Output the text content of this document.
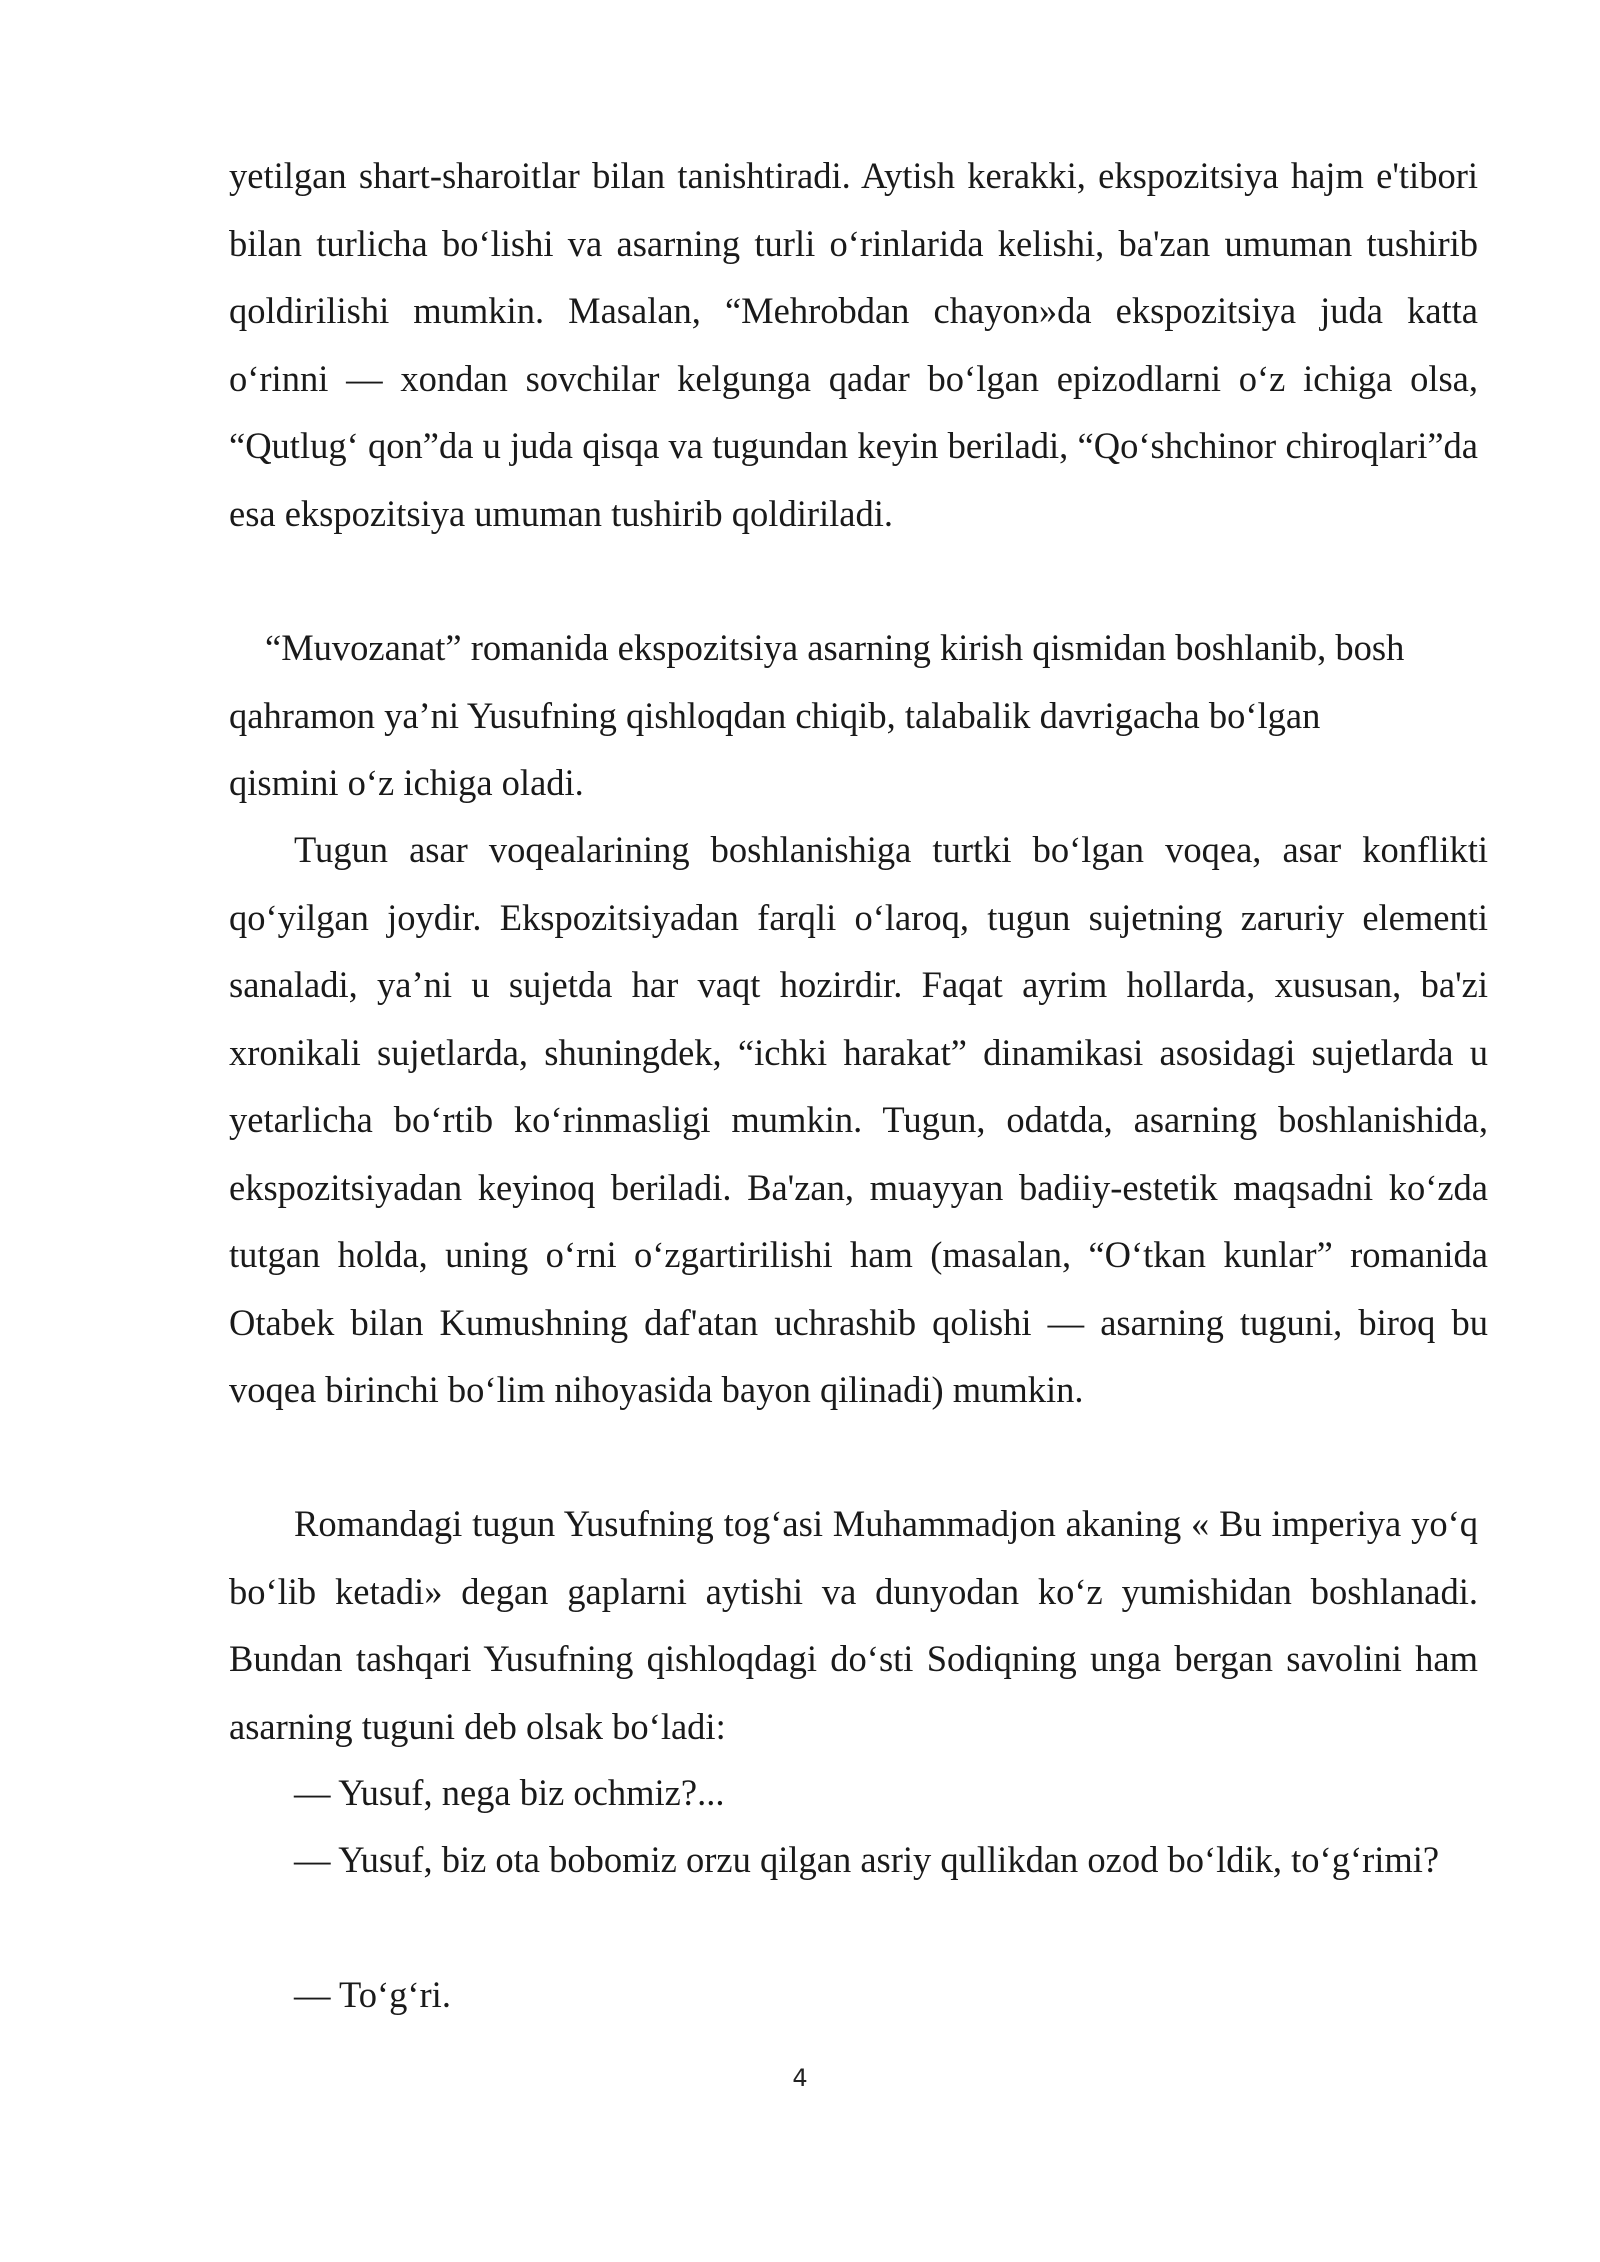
yetilgan shart-sharoitlar bilan tanishtiradi. Aytish kerakki, ekspozitsiya hajm e'tibori bilan turlicha bo‘lishi va asarning turli o‘rinlarida kelishi, ba'zan umuman tushirib qoldirilishi mumkin. Masalan, “Mehrobdan chayon»da ekspozitsiya juda katta o‘rinni — xondan sovchilar kelgunga qadar bo‘lgan epizodlarni o‘z ichiga olsa, “Qutlug‘ qon”da u juda qisqa va tugundan keyin beriladi, “Qo‘shchinor chiroqlari”da esa ekspozitsiya umuman tushirib qoldiriladi.

“Muvozanat” romanida ekspozitsiya asarning kirish qismidan boshlanib, bosh qahramon ya’ni Yusufning qishloqdan chiqib, talabalik davrigacha bo‘lgan qismini o‘z ichiga oladi.

Tugun asar voqealarining boshlanishiga turtki bo‘lgan voqea, asar konflikti qo‘yilgan joydir. Ekspozitsiyadan farqli o‘laroq, tugun sujetning zaruriy elementi sanaladi, ya’ni u sujetda har vaqt hozirdir. Faqat ayrim hollarda, xususan, ba'zi xronikali sujetlarda, shuningdek, “ichki harakat” dinamikasi asosidagi sujetlarda u yetarlicha bo‘rtib ko‘rinmasligi mumkin. Tugun, odatda, asarning boshlanishida, ekspozitsiyadan keyinoq beriladi. Ba'zan, muayyan badiiy-estetik maqsadni ko‘zda tutgan holda, uning o‘rni o‘zgartirilishi ham (masalan, “O‘tkan kunlar” romanida Otabek bilan Kumushning daf'atan uchrashib qolishi — asarning tuguni, biroq bu voqea birinchi bo‘lim nihoyasida bayon qilinadi) mumkin.

Romandagi tugun Yusufning tog‘asi Muhammadjon akaning « Bu imperiya yo‘q bo‘lib ketadi» degan gaplarni aytishi va dunyodan ko‘z yumishidan boshlanadi. Bundan tashqari Yusufning qishloqdagi do‘sti Sodiqning unga bergan savolini ham asarning tuguni deb olsak bo‘ladi:

— Yusuf, nega biz ochmiz?...

— Yusuf, biz ota bobomiz orzu qilgan asriy qullikdan ozod bo‘ldik, to‘g‘rimi?

— To‘g‘ri.

4
